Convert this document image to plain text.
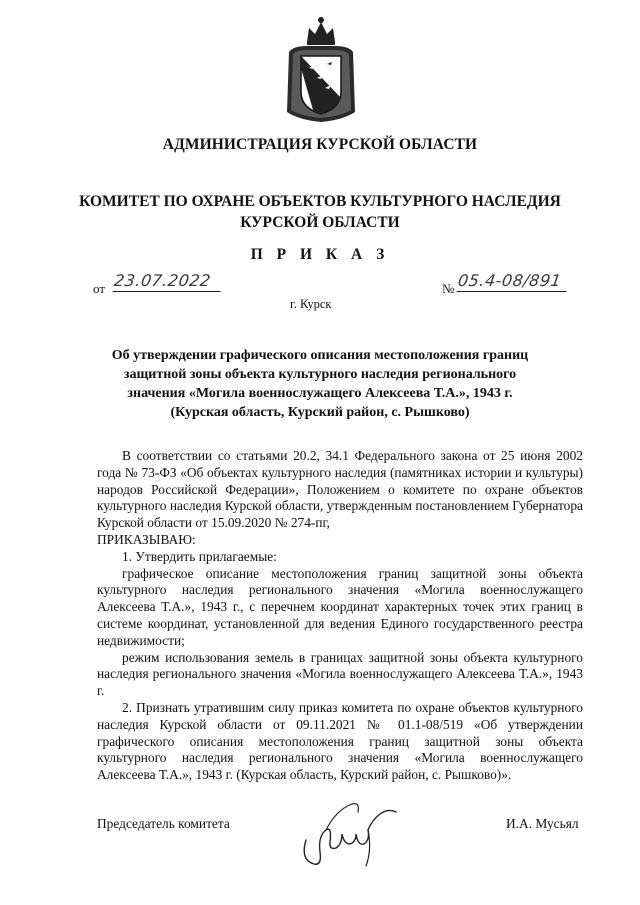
АДМИНИСТРАЦИЯ КУРСКОЙ ОБЛАСТИ
КОМИТЕТ ПО ОХРАНЕ ОБЪЕКТОВ КУЛЬТУРНОГО НАСЛЕДИЯ
КУРСКОЙ ОБЛАСТИ
П Р И К А З
от 23.07.2022	№ 05.4-08/891
г. Курск
Об утверждении графического описания местоположения границ
защитной зоны объекта культурного наследия регионального
значения «Могила военнослужащего Алексеева Т.А.», 1943 г.
(Курская область, Курский район, с. Рышково)

В соответствии со статьями 20.2, 34.1 Федерального закона от 25 июня 2002 года № 73-ФЗ «Об объектах культурного наследия (памятниках истории и культуры) народов Российской Федерации», Положением о комитете по охране объектов культурного наследия Курской области, утвержденным постановлением Губернатора Курской области от 15.09.2020 № 274-пг,

ПРИКАЗЫВАЮ:

1. Утвердить прилагаемые:

графическое описание местоположения границ защитной зоны объекта культурного наследия регионального значения «Могила военнослужащего Алексеева Т.А.», 1943 г., с перечнем координат характерных точек этих границ в системе координат, установленной для ведения Единого государственного реестра недвижимости;

режим использования земель в границах защитной зоны объекта культурного наследия регионального значения «Могила военнослужащего Алексеева Т.А.», 1943 г.

2. Признать утратившим силу приказ комитета по охране объектов культурного наследия Курской области от 09.11.2021 № 01.1-08/519 «Об утверждении графического описания местоположения границ защитной зоны объекта культурного наследия регионального значения «Могила военнослужащего Алексеева Т.А.», 1943 г. (Курская область, Курский район, с. Рышково)».

Председатель комитета	И.А. Мусьял
